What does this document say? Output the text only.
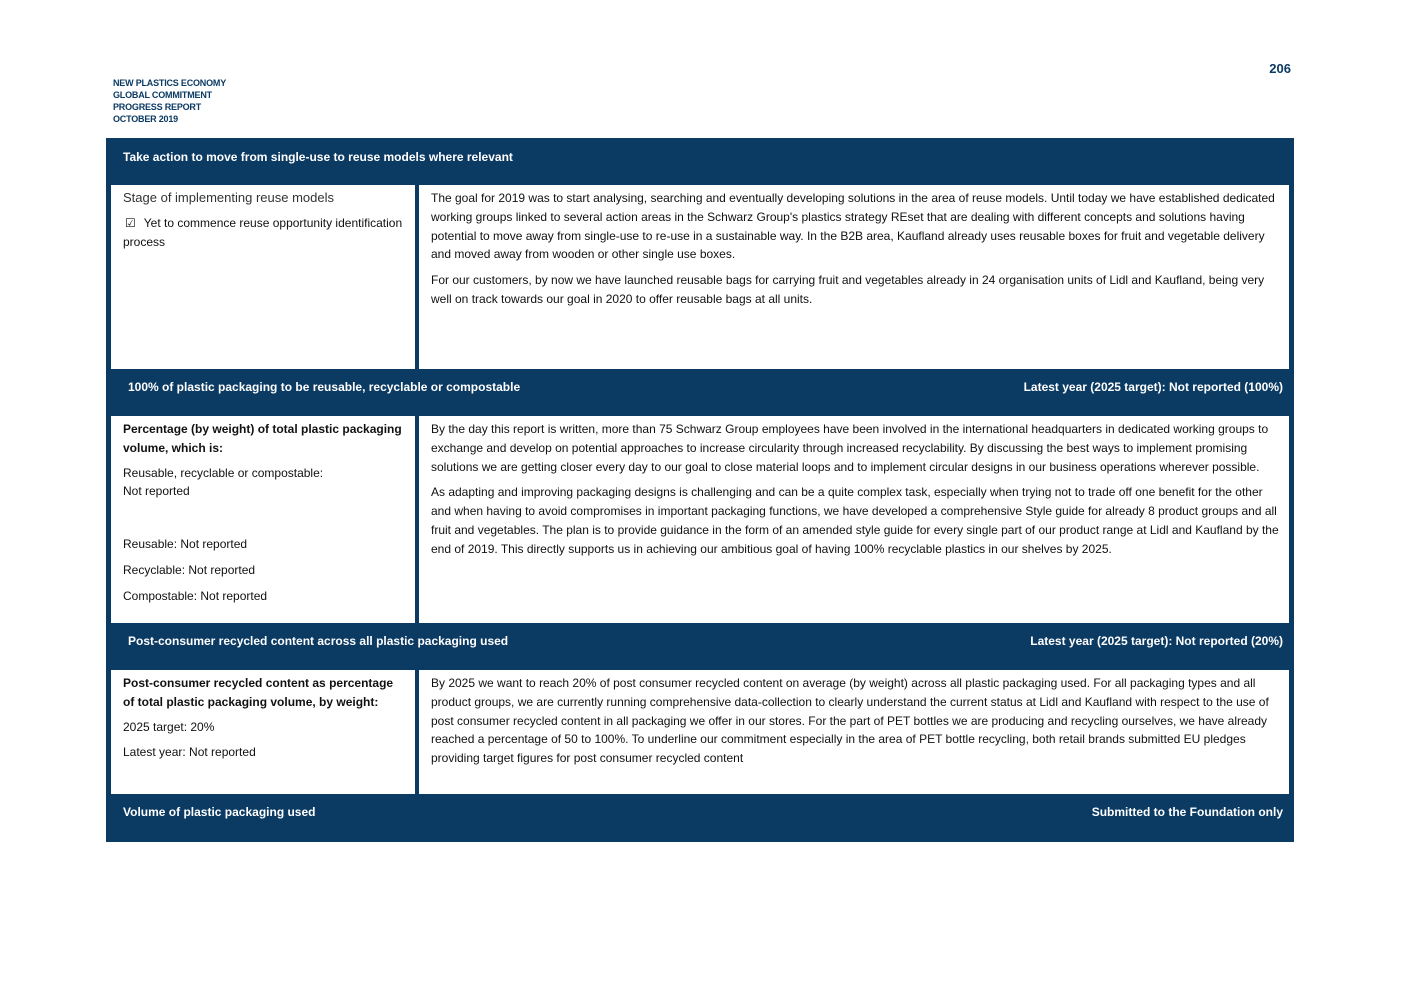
NEW PLASTICS ECONOMY
GLOBAL COMMITMENT
PROGRESS REPORT
OCTOBER 2019
206
Take action to move from single-use to reuse models where relevant
Stage of implementing reuse models
☑ Yet to commence reuse opportunity identification process

The goal for 2019 was to start analysing, searching and eventually developing solutions in the area of reuse models. Until today we have established dedicated working groups linked to several action areas in the Schwarz Group's plastics strategy REset that are dealing with different concepts and solutions having potential to move away from single-use to re-use in a sustainable way. In the B2B area, Kaufland already uses reusable boxes for fruit and vegetable delivery and moved away from wooden or other single use boxes.

For our customers, by now we have launched reusable bags for carrying fruit and vegetables already in 24 organisation units of Lidl and Kaufland, being very well on track towards our goal in 2020 to offer reusable bags at all units.

100% of plastic packaging to be reusable, recyclable or compostable	Latest year (2025 target): Not reported (100%)
Percentage (by weight) of total plastic packaging volume, which is:
Reusable, recyclable or compostable:
Not reported
Reusable: Not reported
Recyclable: Not reported
Compostable: Not reported

By the day this report is written, more than 75 Schwarz Group employees have been involved in the international headquarters in dedicated working groups to exchange and develop on potential approaches to increase circularity through increased recyclability. By discussing the best ways to implement promising solutions we are getting closer every day to our goal to close material loops and to implement circular designs in our business operations wherever possible.

As adapting and improving packaging designs is challenging and can be a quite complex task, especially when trying not to trade off one benefit for the other and when having to avoid compromises in important packaging functions, we have developed a comprehensive Style guide for already 8 product groups and all fruit and vegetables. The plan is to provide guidance in the form of an amended style guide for every single part of our product range at Lidl and Kaufland by the end of 2019. This directly supports us in achieving our ambitious goal of having 100% recyclable plastics in our shelves by 2025.

Post-consumer recycled content across all plastic packaging used	Latest year (2025 target): Not reported (20%)
Post-consumer recycled content as percentage of total plastic packaging volume, by weight:
2025 target: 20%
Latest year: Not reported

By 2025 we want to reach 20% of post consumer recycled content on average (by weight) across all plastic packaging used. For all packaging types and all product groups, we are currently running comprehensive data-collection to clearly understand the current status at Lidl and Kaufland with respect to the use of post consumer recycled content in all packaging we offer in our stores. For the part of PET bottles we are producing and recycling ourselves, we have already reached a percentage of 50 to 100%. To underline our commitment especially in the area of PET bottle recycling, both retail brands submitted EU pledges providing target figures for post consumer recycled content

Volume of plastic packaging used	Submitted to the Foundation only
